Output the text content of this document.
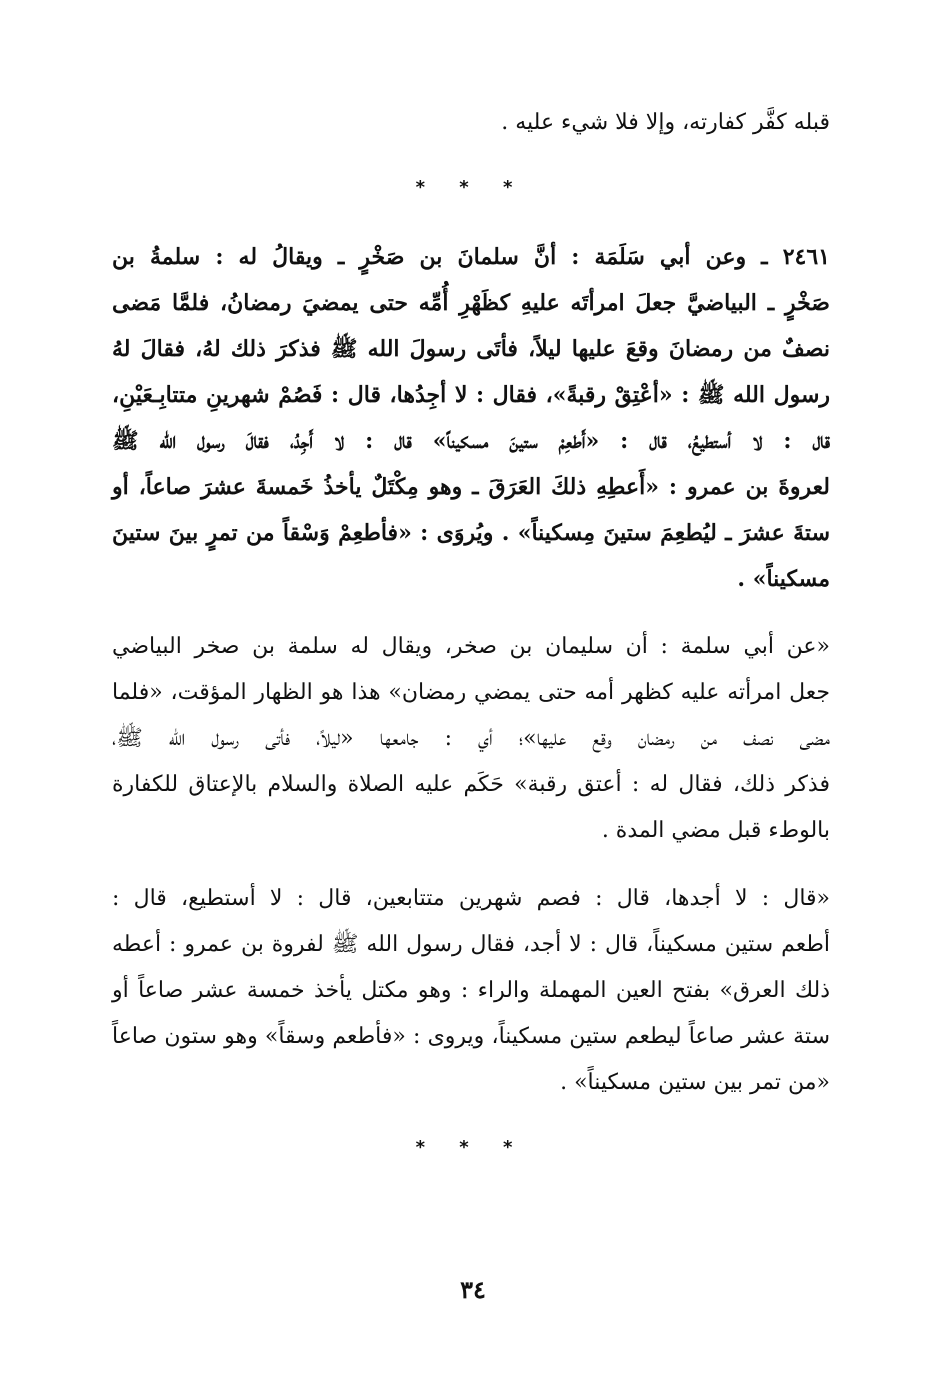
قبله كفَّر كفارته، وإلا فلا شيء عليه .
* * *
٢٤٦١ ـ وعن أبي سَلَمَة : أنَّ سلمانَ بن صَخْرٍ ـ ويقالُ له : سلمةُ بن
صَخْرٍ ـ البياضيَّ جعلَ امرأتَه عليهِ كظَهْرِ أُمِّه حتى يمضيَ رمضانُ، فلمَّا مَضى
نصفٌ من رمضانَ وقعَ عليها ليلاً، فأتَى رسولَ الله ﷺ فذكرَ ذلك لهُ، فقالَ لهُ
رسول الله ﷺ : «أعْتِقْ رقبةً»، فقال : لا أجِدُها، قال : فَصُمْ شهرينِ متتابِـعَيْنِ،
قال : لا أستطيعُ، قال : «أَطعِمْ ستينَ مسكيناً» قال : لا أَجِدُ، فقالَ رسول الله ﷺ
لعروةَ بن عمرو : «أَعطِهِ ذلكَ العَرَقَ ـ وهو مِكْتَلٌ يأخذُ خَمسةَ عشرَ صاعاً، أو
ستةَ عشرَ ـ ليُطعِمَ ستينَ مِسكيناً» . ويُروَى : «فأطعِمْ وَسْقاً من تمرٍ بينَ ستينَ
مسكيناً» .
«عن أبي سلمة : أن سليمان بن صخر، ويقال له سلمة بن صخر البياضي
جعل امرأته عليه كظهر أمه حتى يمضي رمضان» هذا هو الظهار المؤقت، «فلما
مضى نصف من رمضان وقع عليها»؛ أي : جامعها «ليلاً، فأتى رسول الله ﷺ،
فذكر ذلك، فقال له : أعتق رقبة» حَكَم عليه الصلاة والسلام بالإعتاق للكفارة
بالوطء قبل مضي المدة .
«قال : لا أجدها، قال : فصم شهرين متتابعين، قال : لا أستطيع، قال :
أطعم ستين مسكيناً، قال : لا أجد، فقال رسول الله ﷺ لفروة بن عمرو : أعطه
ذلك العرق» بفتح العين المهملة والراء : وهو مكتل يأخذ خمسة عشر صاعاً أو
ستة عشر صاعاً ليطعم ستين مسكيناً، ويروى : «فأطعم وسقاً» وهو ستون صاعاً
«من تمر بين ستين مسكيناً» .
* * *
٣٤
